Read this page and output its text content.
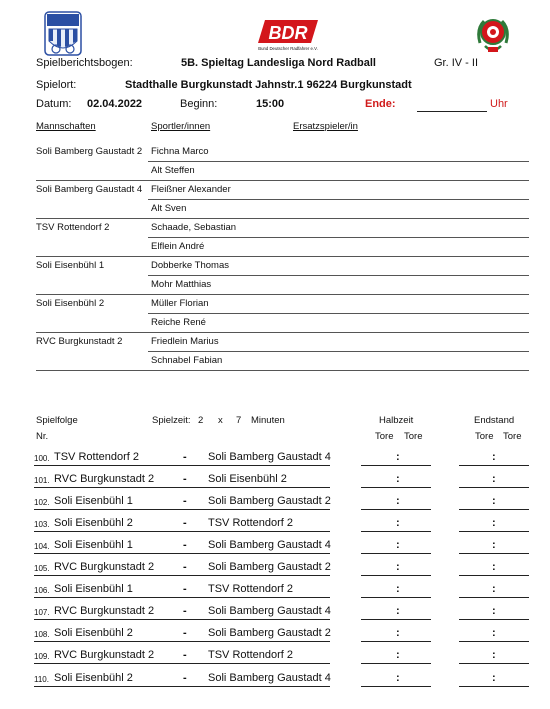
BDR
Bund Deutscher Radfahrer e.V.
Spielberichtsbogen:	5B. Spieltag Landesliga Nord Radball	Gr. IV - II
Spielort:	Stadthalle Burgkunstadt Jahnstr.1 96224 Burgkunstadt
Datum: 02.04.2022	Beginn:	15:00	Ende:	Uhr
Mannschaften	Sportler/innen	Ersatzspieler/in
Soli Bamberg Gaustadt 2 Fichna Marco
Alt Steffen
Soli Bamberg Gaustadt 4 Fleißner Alexander
Alt Sven
TSV Rottendorf 2	Schaade, Sebastian
Elflein André
Soli Eisenbühl 1	Dobberke Thomas
Mohr Matthias
Soli Eisenbühl 2	Müller Florian
Reiche René
RVC Burgkunstadt 2	Friedlein Marius
Schnabel Fabian
Spielfolge
Nr.
Spielzeit: 2 x 7 Minuten	Halbzeit
Tore Tore
Endstand
Tore Tore
100. TSV Rottendorf 2	- Soli Bamberg Gaustadt 4	:	:
101. RVC Burgkunstadt 2	- Soli Eisenbühl 2	:	:
102. Soli Eisenbühl 1	- Soli Bamberg Gaustadt 2	:	:
103. Soli Eisenbühl 2	- TSV Rottendorf 2	:	:
104. Soli Eisenbühl 1	- Soli Bamberg Gaustadt 4	:	:
105. RVC Burgkunstadt 2	- Soli Bamberg Gaustadt 2	:	:
106. Soli Eisenbühl 1	- TSV Rottendorf 2	:	:
107. RVC Burgkunstadt 2	- Soli Bamberg Gaustadt 4	:	:
108. Soli Eisenbühl 2	- Soli Bamberg Gaustadt 2	:	:
109. RVC Burgkunstadt 2	- TSV Rottendorf 2	:	:
110. Soli Eisenbühl 2	- Soli Bamberg Gaustadt 4	:	:
